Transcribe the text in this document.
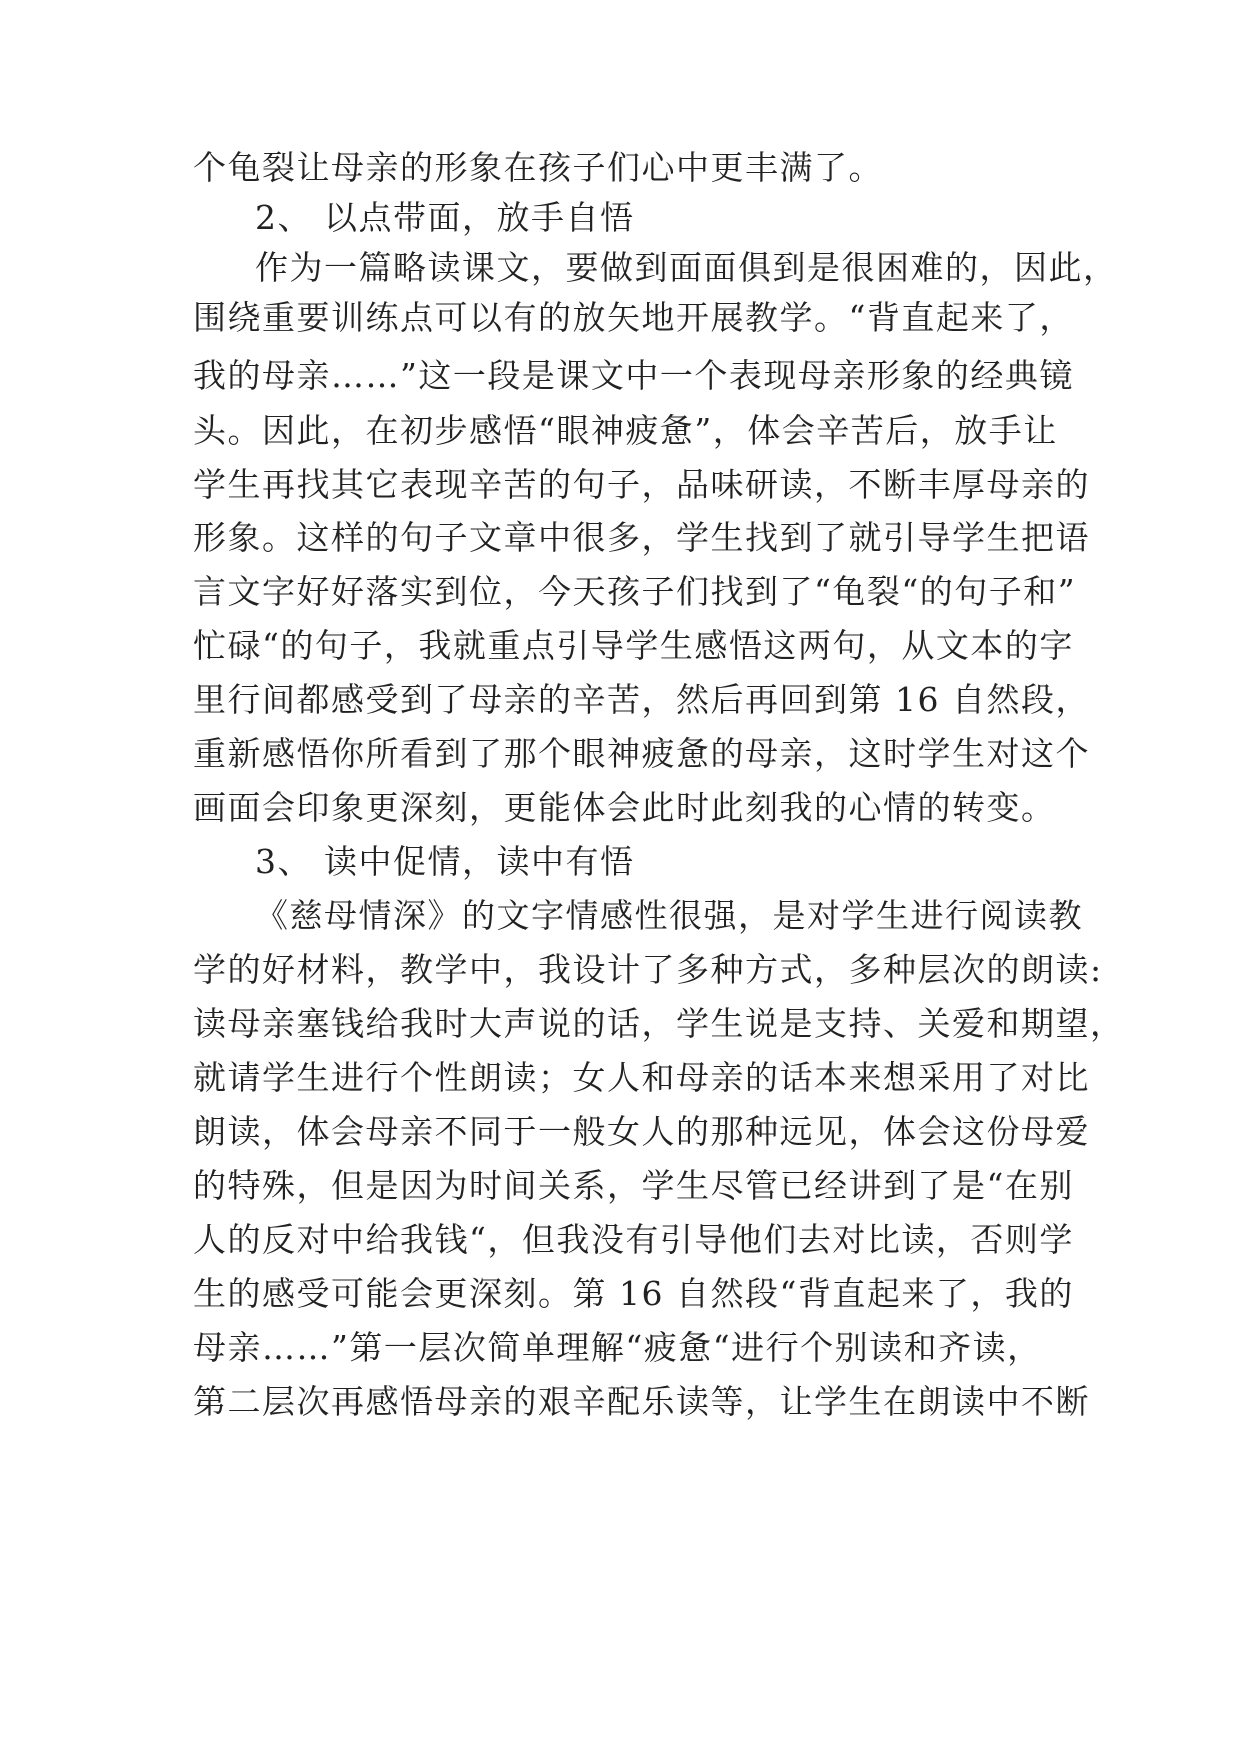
个龟裂让母亲的形象在孩子们心中更丰满了。
2、 以点带面，放手自悟
作为一篇略读课文，要做到面面俱到是很困难的，因此，
围绕重要训练点可以有的放矢地开展教学。“背直起来了，
我的母亲……”这一段是课文中一个表现母亲形象的经典镜
头。因此，在初步感悟“眼神疲惫”，体会辛苦后，放手让
学生再找其它表现辛苦的句子，品味研读，不断丰厚母亲的
形象。这样的句子文章中很多，学生找到了就引导学生把语
言文字好好落实到位，今天孩子们找到了“龟裂“的句子和”
忙碌“的句子，我就重点引导学生感悟这两句，从文本的字
里行间都感受到了母亲的辛苦，然后再回到第 16 自然段，
重新感悟你所看到了那个眼神疲惫的母亲，这时学生对这个
画面会印象更深刻，更能体会此时此刻我的心情的转变。
3、 读中促情，读中有悟
《慈母情深》的文字情感性很强，是对学生进行阅读教
学的好材料，教学中，我设计了多种方式，多种层次的朗读:
读母亲塞钱给我时大声说的话，学生说是支持、关爱和期望，
就请学生进行个性朗读；女人和母亲的话本来想采用了对比
朗读，体会母亲不同于一般女人的那种远见，体会这份母爱
的特殊，但是因为时间关系，学生尽管已经讲到了是“在别
人的反对中给我钱“，但我没有引导他们去对比读，否则学
生的感受可能会更深刻。第 16 自然段“背直起来了，我的
母亲……”第一层次简单理解“疲惫“进行个别读和齐读，
第二层次再感悟母亲的艰辛配乐读等，让学生在朗读中不断
